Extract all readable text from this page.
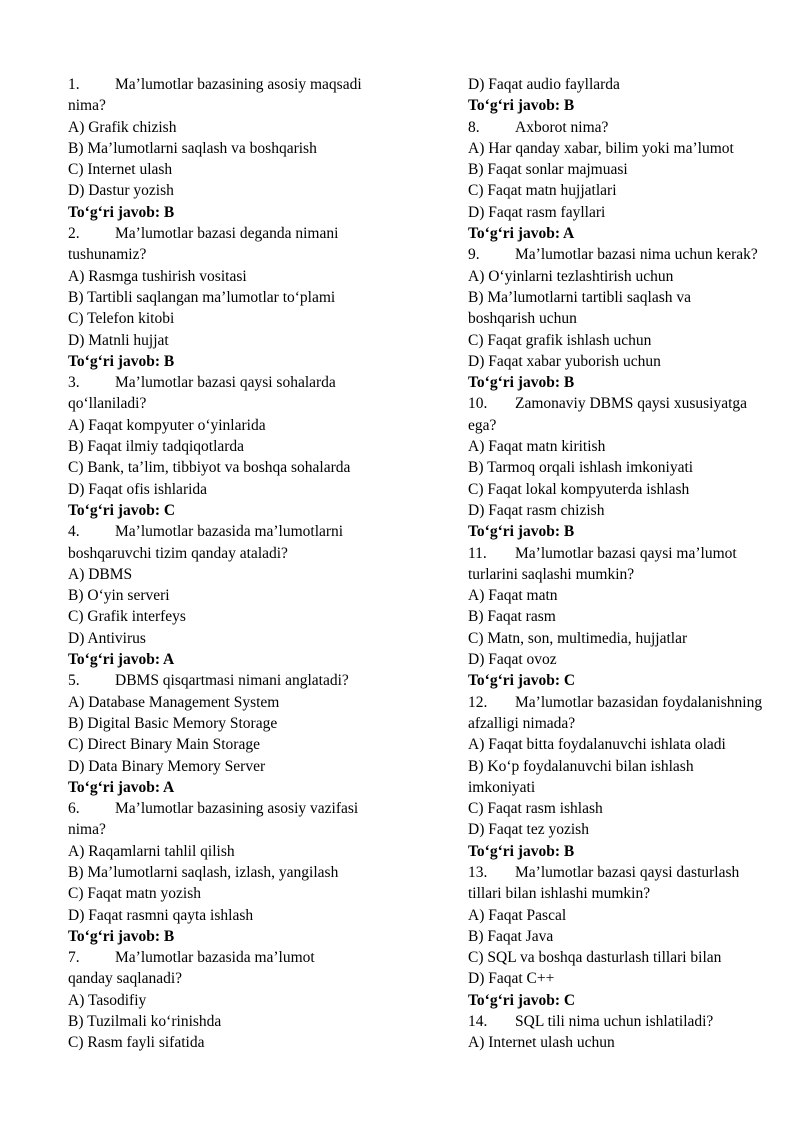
1. Ma’lumotlar bazasining asosiy maqsadi
nima?
A) Grafik chizish
B) Ma’lumotlarni saqlash va boshqarish
C) Internet ulash
D) Dastur yozish
To‘g‘ri javob: B
2. Ma’lumotlar bazasi deganda nimani
tushunamiz?
A) Rasmga tushirish vositasi
B) Tartibli saqlangan ma’lumotlar to‘plami
C) Telefon kitobi
D) Matnli hujjat
To‘g‘ri javob: B
3. Ma’lumotlar bazasi qaysi sohalarda
qo‘llaniladi?
A) Faqat kompyuter o‘yinlarida
B) Faqat ilmiy tadqiqotlarda
C) Bank, ta’lim, tibbiyot va boshqa sohalarda
D) Faqat ofis ishlarida
To‘g‘ri javob: C
4. Ma’lumotlar bazasida ma’lumotlarni
boshqaruvchi tizim qanday ataladi?
A) DBMS
B) O‘yin serveri
C) Grafik interfeys
D) Antivirus
To‘g‘ri javob: A
5. DBMS qisqartmasi nimani anglatadi?
A) Database Management System
B) Digital Basic Memory Storage
C) Direct Binary Main Storage
D) Data Binary Memory Server
To‘g‘ri javob: A
6. Ma’lumotlar bazasining asosiy vazifasi
nima?
A) Raqamlarni tahlil qilish
B) Ma’lumotlarni saqlash, izlash, yangilash
C) Faqat matn yozish
D) Faqat rasmni qayta ishlash
To‘g‘ri javob: B
7. Ma’lumotlar bazasida ma’lumot
qanday saqlanadi?
A) Tasodifiy
B) Tuzilmali ko‘rinishda
C) Rasm fayli sifatida
D) Faqat audio fayllarda
To‘g‘ri javob: B
8. Axborot nima?
A) Har qanday xabar, bilim yoki ma’lumot
B) Faqat sonlar majmuasi
C) Faqat matn hujjatlari
D) Faqat rasm fayllari
To‘g‘ri javob: A
9. Ma’lumotlar bazasi nima uchun kerak?
A) O‘yinlarni tezlashtirish uchun
B) Ma’lumotlarni tartibli saqlash va
boshqarish uchun
C) Faqat grafik ishlash uchun
D) Faqat xabar yuborish uchun
To‘g‘ri javob: B
10. Zamonaviy DBMS qaysi xususiyatga
ega?
A) Faqat matn kiritish
B) Tarmoq orqali ishlash imkoniyati
C) Faqat lokal kompyuterda ishlash
D) Faqat rasm chizish
To‘g‘ri javob: B
11. Ma’lumotlar bazasi qaysi ma’lumot
turlarini saqlashi mumkin?
A) Faqat matn
B) Faqat rasm
C) Matn, son, multimedia, hujjatlar
D) Faqat ovoz
To‘g‘ri javob: C
12. Ma’lumotlar bazasidan foydalanishning
afzalligi nimada?
A) Faqat bitta foydalanuvchi ishlata oladi
B) Ko‘p foydalanuvchi bilan ishlash
imkoniyati
C) Faqat rasm ishlash
D) Faqat tez yozish
To‘g‘ri javob: B
13. Ma’lumotlar bazasi qaysi dasturlash
tillari bilan ishlashi mumkin?
A) Faqat Pascal
B) Faqat Java
C) SQL va boshqa dasturlash tillari bilan
D) Faqat C++
To‘g‘ri javob: C
14. SQL tili nima uchun ishlatiladi?
A) Internet ulash uchun
